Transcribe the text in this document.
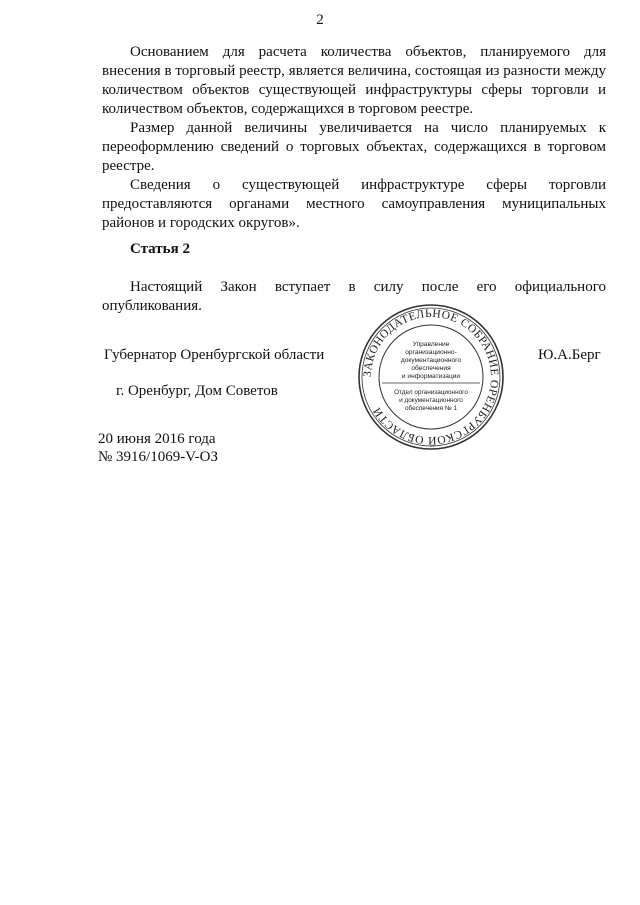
2

Основанием для расчета количества объектов, планируемого для внесения в торговый реестр, является величина, состоящая из разности между количеством объектов существующей инфраструктуры сферы торговли и количеством объектов, содержащихся в торговом реестре.

Размер данной величины увеличивается на число планируемых к переоформлению сведений о торговых объектах, содержащихся в торговом реестре.

Сведения о существующей инфраструктуре сферы торговли предоставляются органами местного самоуправления муниципальных районов и городских округов».

Статья 2

Настоящий Закон вступает в силу после его официального опубликования.

Губернатор Оренбургской области	Ю.А.Берг
г. Оренбург, Дом Советов
20 июня 2016 года
№ 3916/1069-V-ОЗ
ЗАКОНОДАТЕЛЬНОЕ СОБРАНИЕ ОРЕНБУРГСКОЙ ОБЛАСТИ
Управление
организационно-
документационного
обеспечения
и информатизации
Отдел организационного
и документационного
обеспечения № 1
